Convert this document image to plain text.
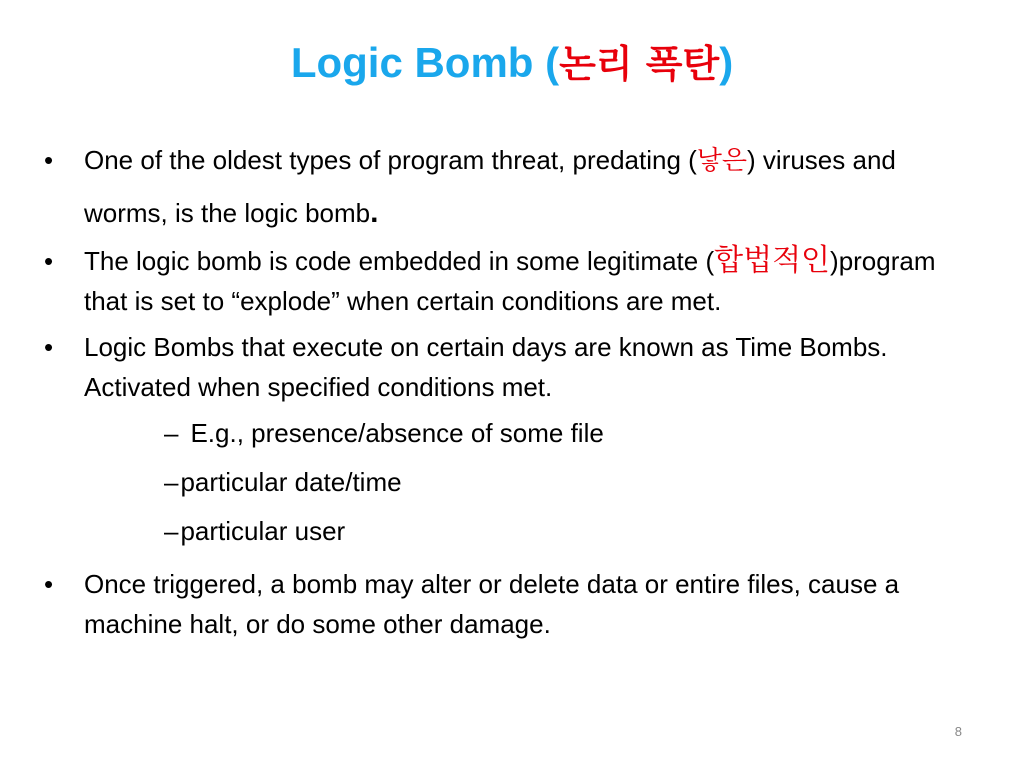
Logic Bomb (논리 폭탄)
• One of the oldest types of program threat, predating (낳은) viruses and worms, is the logic bomb.
• The logic bomb is code embedded in some legitimate (합법적인)program that is set to “explode” when certain conditions are met.
• Logic Bombs that execute on certain days are known as Time Bombs. Activated when specified conditions met.
– E.g., presence/absence of some file
–particular date/time
–particular user
• Once triggered, a bomb may alter or delete data or entire files, cause a machine halt, or do some other damage.
8
